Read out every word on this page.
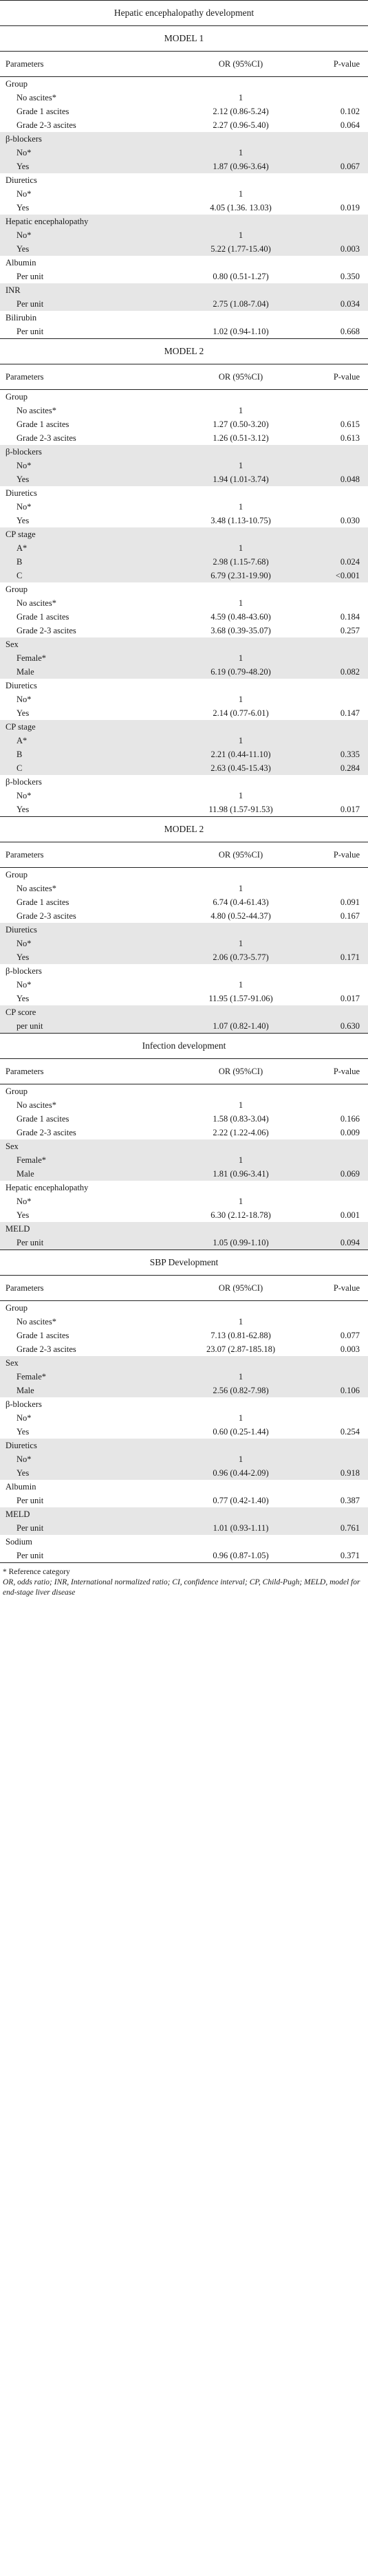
Hepatic encephalopathy development
MODEL 1
Parameters	OR (95%CI)	P-value
Group
No ascites*	1
Grade 1 ascites	2.12 (0.86-5.24)	0.102
Grade 2-3 ascites	2.27 (0.96-5.40)	0.064
β-blockers
No*	1
Yes	1.87 (0.96-3.64)	0.067
Diuretics
No*	1
Yes	4.05 (1.36. 13.03)	0.019
Hepatic encephalopathy
No*	1
Yes	5.22 (1.77-15.40)	0.003
Albumin
Per unit	0.80 (0.51-1.27)	0.350
INR
Per unit	2.75 (1.08-7.04)	0.034
Bilirubin
Per unit	1.02 (0.94-1.10)	0.668
MODEL 2
Parameters	OR (95%CI)	P-value
Group
No ascites*	1
Grade 1 ascites	1.27 (0.50-3.20)	0.615
Grade 2-3 ascites	1.26 (0.51-3.12)	0.613
β-blockers
No*	1
Yes	1.94 (1.01-3.74)	0.048
Diuretics
No*	1
Yes	3.48 (1.13-10.75)	0.030
CP stage
A*	1
B	2.98 (1.15-7.68)	0.024
C	6.79 (2.31-19.90)	<0.001
Group
No ascites*	1
Grade 1 ascites	4.59 (0.48-43.60)	0.184
Grade 2-3 ascites	3.68 (0.39-35.07)	0.257
Sex
Female*	1
Male	6.19 (0.79-48.20)	0.082
Diuretics
No*	1
Yes	2.14 (0.77-6.01)	0.147
CP stage
A*	1
B	2.21 (0.44-11.10)	0.335
C	2.63 (0.45-15.43)	0.284
β-blockers
No*	1
Yes	11.98 (1.57-91.53)	0.017
MODEL 2
Parameters	OR (95%CI)	P-value
Group
No ascites*	1
Grade 1 ascites	6.74 (0.4-61.43)	0.091
Grade 2-3 ascites	4.80 (0.52-44.37)	0.167
Diuretics
No*	1
Yes	2.06 (0.73-5.77)	0.171
β-blockers
No*	1
Yes	11.95 (1.57-91.06)	0.017
CP score
per unit	1.07 (0.82-1.40)	0.630
Infection development
Parameters	OR (95%CI)	P-value
Group
No ascites*	1
Grade 1 ascites	1.58 (0.83-3.04)	0.166
Grade 2-3 ascites	2.22 (1.22-4.06)	0.009
Sex
Female*	1
Male	1.81 (0.96-3.41)	0.069
Hepatic encephalopathy
No*	1
Yes	6.30 (2.12-18.78)	0.001
MELD
Per unit	1.05 (0.99-1.10)	0.094
SBP Development
Parameters	OR (95%CI)	P-value
Group
No ascites*	1
Grade 1 ascites	7.13 (0.81-62.88)	0.077
Grade 2-3 ascites	23.07 (2.87-185.18)	0.003
Sex
Female*	1
Male	2.56 (0.82-7.98)	0.106
β-blockers
No*	1
Yes	0.60 (0.25-1.44)	0.254
Diuretics
No*	1
Yes	0.96 (0.44-2.09)	0.918
Albumin
Per unit	0.77 (0.42-1.40)	0.387
MELD
Per unit	1.01 (0.93-1.11)	0.761
Sodium
Per unit	0.96 (0.87-1.05)	0.371
* Reference category
OR, odds ratio; INR, International normalized ratio; CI, confidence interval; CP, Child-Pugh; MELD, model for end-stage liver disease
